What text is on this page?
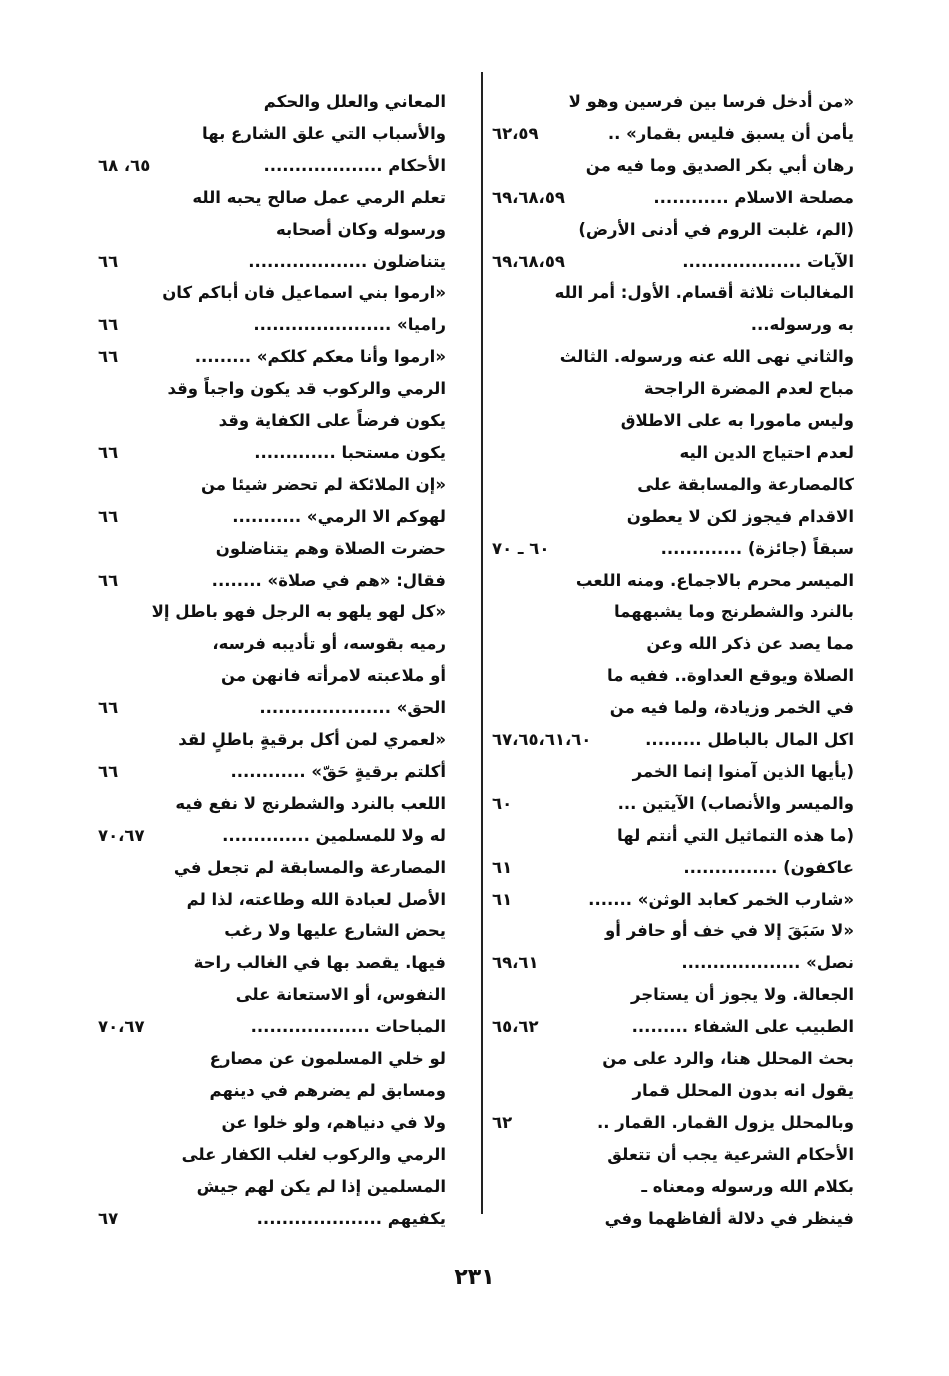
«من أدخل فرسا بين فرسين وهو لا
يأمن أن يسبق فليس بقمار» ..
٦٢،٥٩
رهان أبي بكر الصديق وما فيه من
مصلحة الاسلام ............
٦٩،٦٨،٥٩
(الم، غلبت الروم في أدنى الأرض)
الآيات ...................
٦٩،٦٨،٥٩
المغالبات ثلاثة أقسام. الأول: أمر الله
به ورسوله...
والثاني نهى الله عنه ورسوله. الثالث
مباح لعدم المضرة الراجحة
وليس مامورا به على الاطلاق
لعدم احتياج الدين اليه
كالمصارعة والمسابقة على
الاقدام فيجوز لكن لا يعطون
سبقاً (جائزة) .............
٦٠ ـ ٧٠
الميسر محرم بالاجماع. ومنه اللعب
بالنرد والشطرنج وما يشبههما
مما يصد عن ذكر الله وعن
الصلاة ويوقع العداوة.. ففيه ما
في الخمر وزيادة، ولما فيه من
اكل المال بالباطل .........
٦٧،٦٥،٦١،٦٠
(يأيها الذين آمنوا إنما الخمر
والميسر والأنصاب) الآيتين ...
٦٠
(ما هذه التماثيل التي أنتم لها
عاكفون) ...............
٦١
«شارب الخمر كعابد الوثن» .......
٦١
«لا سَبَقَ إلا في خف أو حافر أو
نصل» ...................
٦٩،٦١
الجعالة. ولا يجوز أن يستاجر
الطبيب على الشفاء .........
٦٥،٦٢
بحث المحلل هنا، والرد على من
يقول انه بدون المحلل قمار
وبالمحلل يزول القمار. القمار ..
٦٢
الأحكام الشرعية يجب أن تتعلق
بكلام الله ورسوله ومعناه ـ
فينظر في دلالة ألفاظهما وفي
المعاني والعلل والحكم
والأسباب التي علق الشارع بها
الأحكام ...................
٦٥، ٦٨
تعلم الرمي عمل صالح يحبه الله
ورسوله وكان أصحابه
يتناضلون ...................
٦٦
«ارموا بني اسماعيل فان أباكم كان
راميا» ......................
٦٦
«ارموا وأنا معكم كلكم» .........
٦٦
الرمي والركوب قد يكون واجباً وقد
يكون فرضاً على الكفاية وقد
يكون مستحبا .............
٦٦
«إن الملائكة لم تحضر شيئا من
لهوكم الا الرمي» ...........
٦٦
حضرت الصلاة وهم يتناضلون
فقال: «هم في صلاة» ........
٦٦
«كل لهو يلهو به الرجل فهو باطل إلا
رميه بقوسه، أو تأديبه فرسه،
أو ملاعبته لامرأته فانهن من
الحق» .....................
٦٦
«لعمري لمن أكل برقيةٍ باطلٍ لقد
أكلتم برقيةٍ حَقّ» ............
٦٦
اللعب بالنرد والشطرنج لا نفع فيه
له ولا للمسلمين ..............
٧٠،٦٧
المصارعة والمسابقة لم تجعل في
الأصل لعبادة الله وطاعته، لذا لم
يحض الشارع عليها ولا رغب
فيها. يقصد بها في الغالب راحة
النفوس، أو الاستعانة على
المباحات ...................
٧٠،٦٧
لو خلي المسلمون عن مصارع
ومسابق لم يضرهم في دينهم
ولا في دنياهم، ولو خلوا عن
الرمي والركوب لغلب الكفار على
المسلمين إذا لم يكن لهم جيش
يكفيهم ....................
٦٧
٢٣١
